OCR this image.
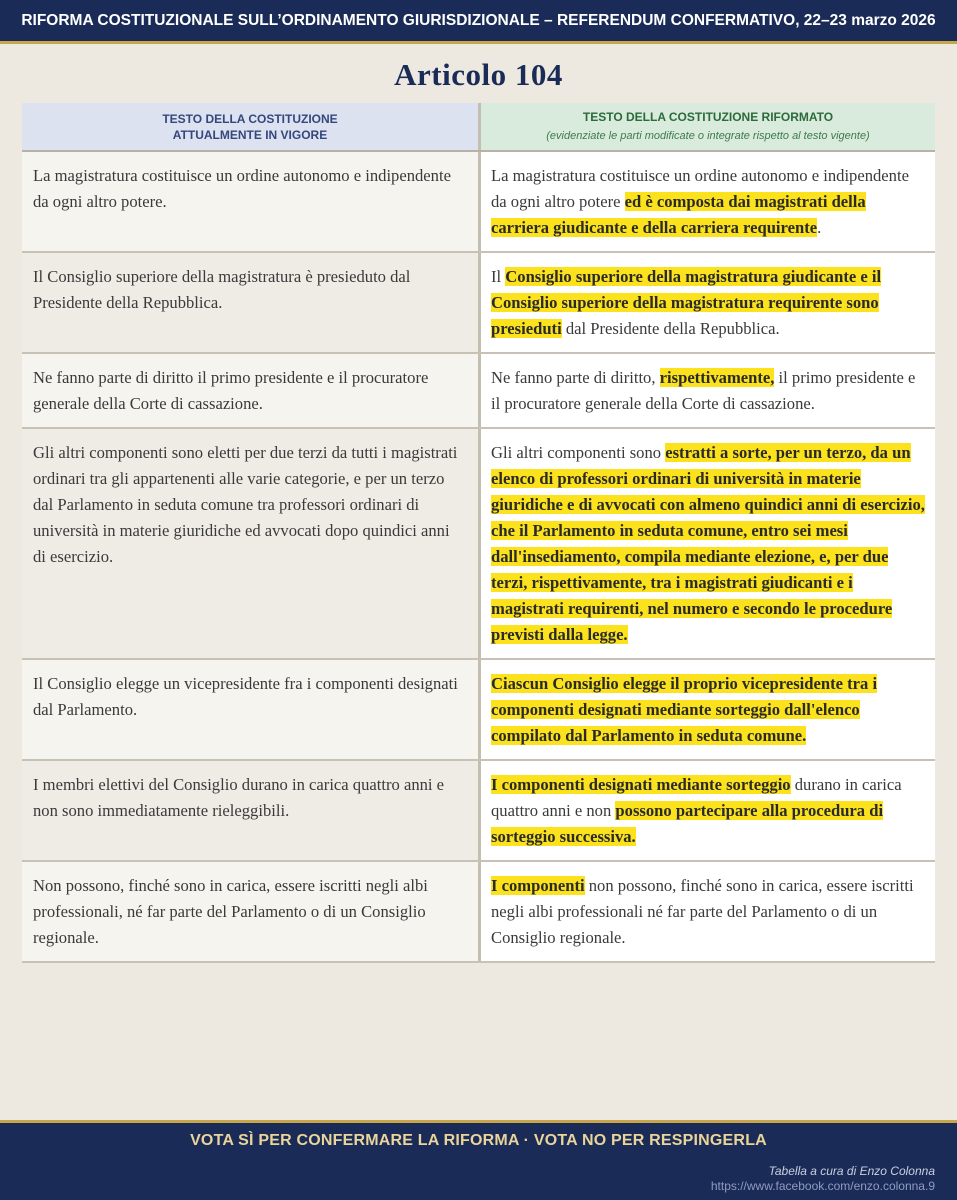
RIFORMA COSTITUZIONALE SULL’ORDINAMENTO GIURISDIZIONALE – REFERENDUM CONFERMATIVO, 22–23 marzo 2026
Articolo 104
TESTO DELLA COSTITUZIONE
ATTUALMENTE IN VIGORE
TESTO DELLA COSTITUZIONE RIFORMATO
(evidenziate le parti modificate o integrate rispetto al testo vigente)
La magistratura costituisce un ordine autonomo e indipendente da ogni altro potere.
La magistratura costituisce un ordine autonomo e indipendente da ogni altro potere ed è composta dai magistrati della carriera giudicante e della carriera requirente.
Il Consiglio superiore della magistratura è presieduto dal Presidente della Repubblica.
Il Consiglio superiore della magistratura giudicante e il Consiglio superiore della magistratura requirente sono presieduti dal Presidente della Repubblica.
Ne fanno parte di diritto il primo presidente e il procuratore generale della Corte di cassazione.
Ne fanno parte di diritto, rispettivamente, il primo presidente e il procuratore generale della Corte di cassazione.
Gli altri componenti sono eletti per due terzi da tutti i magistrati ordinari tra gli appartenenti alle varie categorie, e per un terzo dal Parlamento in seduta comune tra professori ordinari di università in materie giuridiche ed avvocati dopo quindici anni di esercizio.
Gli altri componenti sono estratti a sorte, per un terzo, da un elenco di professori ordinari di università in materie giuridiche e di avvocati con almeno quindici anni di esercizio, che il Parlamento in seduta comune, entro sei mesi dall'insediamento, compila mediante elezione, e, per due terzi, rispettivamente, tra i magistrati giudicanti e i magistrati requirenti, nel numero e secondo le procedure previsti dalla legge.
Il Consiglio elegge un vicepresidente fra i componenti designati dal Parlamento.
Ciascun Consiglio elegge il proprio vicepresidente tra i componenti designati mediante sorteggio dall'elenco compilato dal Parlamento in seduta comune.
I membri elettivi del Consiglio durano in carica quattro anni e non sono immediatamente rieleggibili.
I componenti designati mediante sorteggio durano in carica quattro anni e non possono partecipare alla procedura di sorteggio successiva.
Non possono, finché sono in carica, essere iscritti negli albi professionali, né far parte del Parlamento o di un Consiglio regionale.
I componenti non possono, finché sono in carica, essere iscritti negli albi professionali né far parte del Parlamento o di un Consiglio regionale.
VOTA SÌ PER CONFERMARE LA RIFORMA · VOTA NO PER RESPINGERLA
Tabella a cura di Enzo Colonna
https://www.facebook.com/enzo.colonna.9
